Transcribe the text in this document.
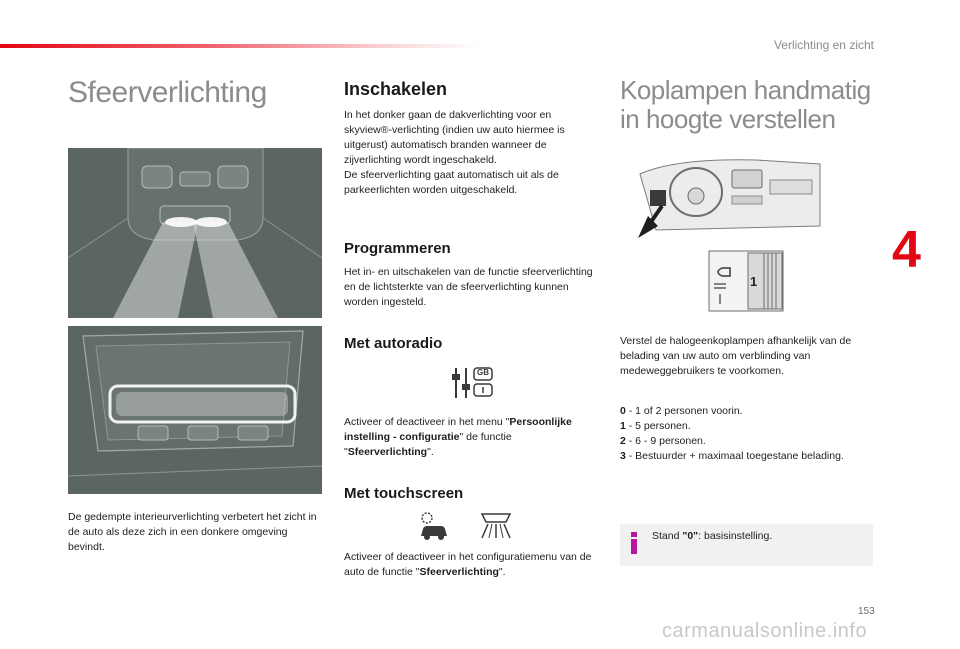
Verlichting en zicht
4
Sfeerverlichting

De gedempte interieurverlichting verbetert het zicht in de auto als deze zich in een donkere omgeving bevindt.

Inschakelen

In het donker gaan de dakverlichting voor en skyview®-verlichting (indien uw auto hiermee is uitgerust) automatisch branden wanneer de zijverlichting wordt ingeschakeld.

De sfeerverlichting gaat automatisch uit als de parkeerlichten worden uitgeschakeld.

Programmeren

Het in- en uitschakelen van de functie sfeerverlichting en de lichtsterkte van de sfeerverlichting kunnen worden ingesteld.

Met autoradio
GB

Activeer of deactiveer in het menu "Persoonlijke instelling - configuratie" de functie "Sfeerverlichting".

Met touchscreen

Activeer of deactiveer in het configuratiemenu van de auto de functie "Sfeerverlichting".

Koplampen handmatig
in hoogte verstellen
1

Verstel de halogeenkoplampen afhankelijk van de belading van uw auto om verblinding van medeweggebruikers te voorkomen.

0 - 1 of 2 personen voorin.
1 - 5 personen.
2 - 6 - 9 personen.
3 - Bestuurder + maximaal toegestane belading.
Stand "0": basisinstelling.
153
carmanualsonline.info
